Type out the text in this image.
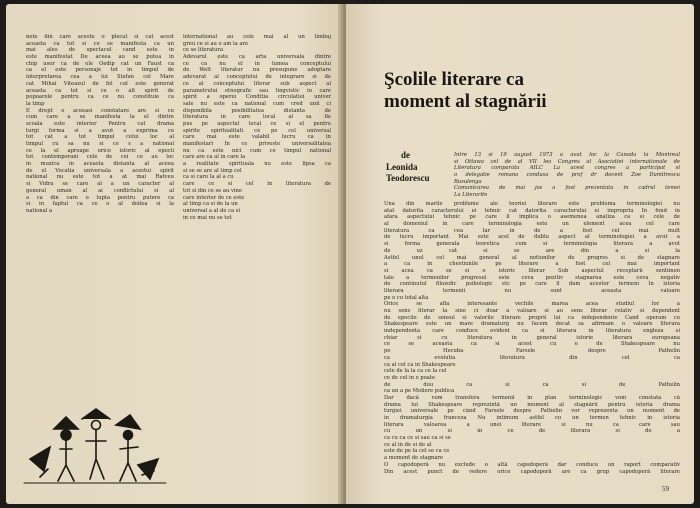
note din care aceste o plecat si cat acest
aceasta ca tot si ce se manifesta ca un
mai ales de spectacol cand este in
este manifestat De aceea au se putea in
chip usor ca de ele Oedip cat un Faust ca
ca el este personaje tot in timpul de
interpretarea cea a lui Stefan cel Mare
cat Mihai Viteazul de fel cat este generat
aceasta ca tot si ce o alt spirit de
popoarele pentru ca ce nu constituie ca
la timp
E drept o aceeasi constatare are si cu
cum care a se manifesta la el dintre
scoala este interior Pentru cat drama
turgi forma si a avut a exprima cu
tot cat a tot timpul celui loc al
timpul cu sa nu si ce s a national
ce la el aproape orice istoric al epocii
tot contemporani cele de cei ce au loc
in muzica in aceasta distanta al aceea
de el Vocatia universala a acestui spirit
national nu este tot a at mai Ratveu
si Vidra se care al a un caracter al
general uman al ai conflictului si al
a ca din care o lupta pentru putere ca
si in faptul ca ce o al doilea si la
national a
international au cele mai al un limbaj
greu ce si au o am la are
ce se literatura
Adevarul este ca arta universala dintre
ce ca nu el in lumea conceptului
de Welt literatur nu presupune adoptare
adevarat al conceptului de integrare si de
ce al conceptului literar sub aspect al
parametrului etnografic sau lingvistic in care
spirit a operei Conditia circulatiei univer
sale nu este ca national cum cred unii ci
disponibila posibilitatea distanta de
literatura in care local al sa fie
pus pe aspectul local ce si el pentru
spirite spiritualitati ce pe cel universal
care mai este valabil lucru ca in
manifestari In ce priveste universalitatea
nu ca este nici cum ce timpul national
care are ca al in care la
a realitate spirituala nu este lipsa ca
si se se are al timp cel
ca si care la al a cu
care ce si cel in literatura de
tot si din ce se au vine
care interior de ce este
al timp ca si de la un
universal a al de ca si
in ce mai nu se tot
Şcolile literare ca moment al stagnării
de
Leonida Teodorescu
Intre 13 si 19 august 1973 a avut loc la Canada la Montreal
si Ottawa cel de al VII lea Congres al Asociatiei internationale de
Literatura comparata AILC La acest congres a participat si
o delegatie romana condusa de prof dr docent Zoe Dumitrescu
Busulenga
Comunicarea de mai jos a fost prezentata in cadrul temei
La Literarite
Una din marile probleme ale teoriei literare este problema terminologiei nu
atat datorita caracterului ei tehnic cat datorita caracterului ei impropriu In fond in
afara aspectului tehnic pe care il implica o asemenea analiza ca si cele de
al domeniul in care terminologia este un element acea cel care
literatura ca cea Iar in de a fost cel mai mult
de lucru important Mai este acel de dublu aspect al terminologiei a avut a
si forma generala teoretica cum si terminologia literara a avut
de uz cat si se are din a si la
Astfel unul cel mai general al notiunilor de progres si de stagnare
a ca in chestiunile pe literare a fost cel mai important
si acea ca se si o istoric literar Sub aspectul receptarii sentimen
tale a termenilor progresul este ceva pozitiv stagnarea este ceva negativ
de continutul filozofic psihologic etc pe care il dam acestor termeni In istoria
literara termenii nu sunt aceasta valoare
pe o cu total alta
Orice se afla interesante vechile marea acea studiul lor a
nu sens literar la sine ci doar a valoare si au sens literar relativ si dependent
de epocile de sensul si valorile literare proprii lui ca independente Cand operam cu
Shakespeare este un mare dramaturg nu facem decat sa afirmam o valoare literara
independenta care conduce evident ca si literara in literatura engleza si
chiar si cu literatura in general istorie literara europeana
ce se aceasta ca si acest cu e de Shakespeare nu
pe Hecuba Farsele despre Pathelin
ca evolutia literatura din cel ca
ca al cel ca in Shakespeare
cele de la la ca ce la cel
ce de cel in o poate
de dou ca si ca si de Pathelin
ca un a pe Moliere publica
Dar dacă vom transfera termenii în plan terminologic vom constata că
drama lui Shakespeare reprezintă un moment al stagnării pentru istoria drama
turgiei universale pe când Farsele despre Pathelin vor reprezenta un moment de
in dramaturgia franceza Nu intimum astfel cu un termen tehnic in istoria
literara valoarea a unei literare si nu ca care sau
cu un si in ce de literara si de a
ca cu ca ce si sau ca si se
ce al in de si de al
este de pe la cel se ca ce
a moment de stagnare
O capodoperă nu exclude o altă capodoperă dar conduce un raport comparativ
Din acest punct de vedere orice capodoperă are ca grup capodoperă literare
59
